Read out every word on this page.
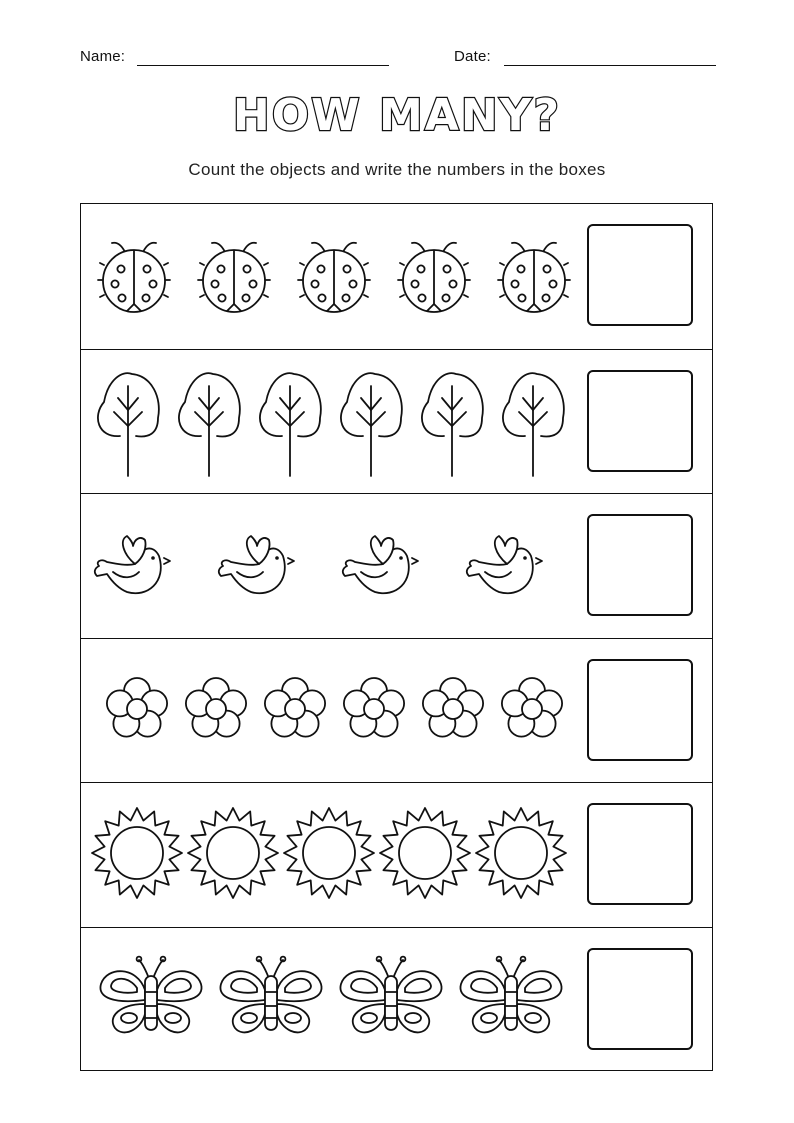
Name:	Date:
HOW MANY?
Count the objects and write the numbers in the boxes
